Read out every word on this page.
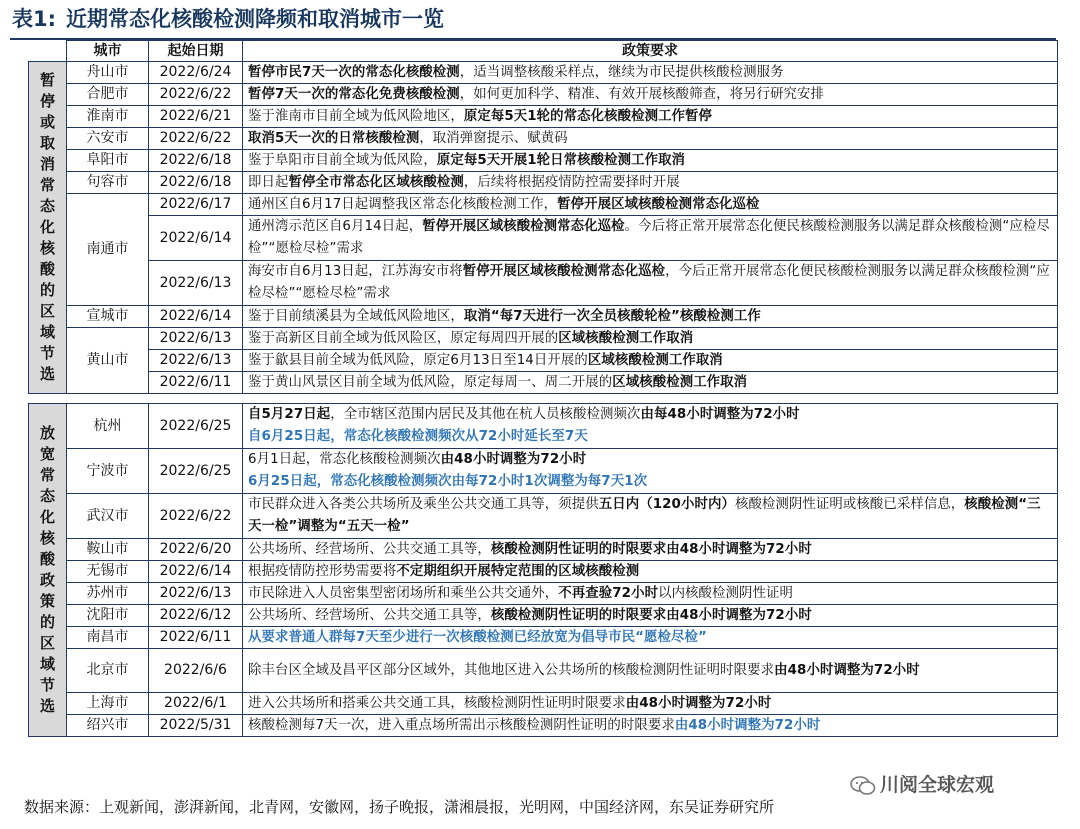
表1: 近期常态化核酸检测降频和取消城市一览
	城市	起始日期	政策要求

暂停或取消常态化核酸的区域节选	舟山市	2022/6/24	暂停市民7天一次的常态化核酸检测，适当调整核酸采样点，继续为市民提供核酸检测服务
	合肥市	2022/6/22	暂停7天一次的常态化免费核酸检测，如何更加科学、精准、有效开展核酸筛查，将另行研究安排
	淮南市	2022/6/21	鉴于淮南市目前全域为低风险地区，原定每5天1轮的常态化核酸检测工作暂停
	六安市	2022/6/22	取消5天一次的日常核酸检测，取消弹窗提示、赋黄码
	阜阳市	2022/6/18	鉴于阜阳市目前全域为低风险，原定每5天开展1轮日常核酸检测工作取消
	句容市	2022/6/18	即日起暂停全市常态化区域核酸检测，后续将根据疫情防控需要择时开展
	南通市	2022/6/17	通州区自6月17日起调整我区常态化核酸检测工作，暂停开展区域核酸检测常态化巡检
		2022/6/14	通州湾示范区自6月14日起，暂停开展区域核酸检测常态化巡检。今后将正常开展常态化便民核酸检测服务以满足群众核酸检测“应检尽检”“愿检尽检”需求
		2022/6/13	海安市自6月13日起，江苏海安市将暂停开展区域核酸检测常态化巡检，今后正常开展常态化便民核酸检测服务以满足群众核酸检测“应检尽检”“愿检尽检”需求
	宣城市	2022/6/14	鉴于目前绩溪县为全域低风险地区，取消“每7天进行一次全员核酸轮检”核酸检测工作
	黄山市	2022/6/13	鉴于高新区目前全域为低风险区，原定每周四开展的区域核酸检测工作取消
		2022/6/13	鉴于歙县目前全域为低风险，原定6月13日至14日开展的区域核酸检测工作取消
		2022/6/11	鉴于黄山风景区目前全域为低风险，原定每周一、周二开展的区域核酸检测工作取消

放宽常态化核酸政策的区域节选	杭州	2022/6/25	自5月27日起，全市辖区范围内居民及其他在杭人员核酸检测频次由每48小时调整为72小时
自6月25日起，常态化核酸检测频次从72小时延长至7天
	宁波市	2022/6/25	6月1日起，常态化核酸检测频次由48小时调整为72小时
6月25日起，常态化核酸检测频次由每72小时1次调整为每7天1次
	武汉市	2022/6/22	市民群众进入各类公共场所及乘坐公共交通工具等，须提供五日内（120小时内）核酸检测阴性证明或核酸已采样信息，核酸检测“三天一检”调整为“五天一检”
	鞍山市	2022/6/20	公共场所、经营场所、公共交通工具等，核酸检测阴性证明的时限要求由48小时调整为72小时
	无锡市	2022/6/14	根据疫情防控形势需要将不定期组织开展特定范围的区域核酸检测
	苏州市	2022/6/13	市民除进入人员密集型密闭场所和乘坐公共交通外，不再查验72小时以内核酸检测阴性证明
	沈阳市	2022/6/12	公共场所、经营场所、公共交通工具等，核酸检测阴性证明的时限要求由48小时调整为72小时
	南昌市	2022/6/11	从要求普通人群每7天至少进行一次核酸检测已经放宽为倡导市民“愿检尽检”
	北京市	2022/6/6	除丰台区全域及昌平区部分区域外，其他地区进入公共场所的核酸检测阴性证明时限要求由48小时调整为72小时
	上海市	2022/6/1	进入公共场所和搭乘公共交通工具，核酸检测阴性证明时限要求由48小时调整为72小时
	绍兴市	2022/5/31	核酸检测每7天一次，进入重点场所需出示核酸检测阴性证明的时限要求由48小时调整为72小时
数据来源：上观新闻，澎湃新闻，北青网，安徽网，扬子晚报，潇湘晨报，光明网，中国经济网，东吴证券研究所
川阅全球宏观
